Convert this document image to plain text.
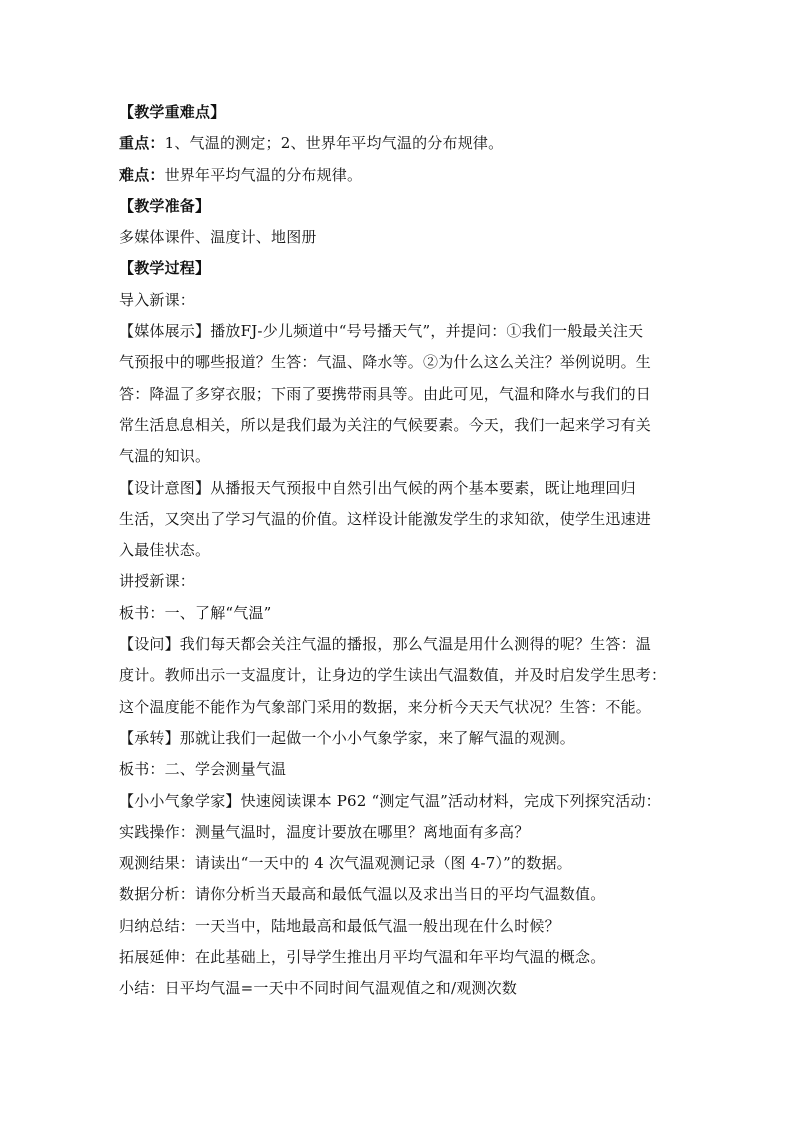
【教学重难点】
重点：1、气温的测定；2、世界年平均气温的分布规律。
难点：世界年平均气温的分布规律。
【教学准备】
多媒体课件、温度计、地图册
【教学过程】
导入新课：
【媒体展示】播放FJ-少儿频道中“号号播天气”，并提问：①我们一般最关注天
气预报中的哪些报道？生答：气温、降水等。②为什么这么关注？举例说明。生
答：降温了多穿衣服；下雨了要携带雨具等。由此可见，气温和降水与我们的日
常生活息息相关，所以是我们最为关注的气候要素。今天，我们一起来学习有关
气温的知识。
【设计意图】从播报天气预报中自然引出气候的两个基本要素，既让地理回归
生活，又突出了学习气温的价值。这样设计能激发学生的求知欲，使学生迅速进
入最佳状态。
讲授新课：
板书：一、了解“气温”
【设问】我们每天都会关注气温的播报，那么气温是用什么测得的呢？生答：温
度计。教师出示一支温度计，让身边的学生读出气温数值，并及时启发学生思考：
这个温度能不能作为气象部门采用的数据，来分析今天天气状况？生答：不能。
【承转】那就让我们一起做一个小小气象学家，来了解气温的观测。
板书：二、学会测量气温
【小小气象学家】快速阅读课本 P62 “测定气温”活动材料，完成下列探究活动：
实践操作：测量气温时，温度计要放在哪里？离地面有多高？
观测结果：请读出“一天中的 4 次气温观测记录（图 4-7）”的数据。
数据分析：请你分析当天最高和最低气温以及求出当日的平均气温数值。
归纳总结：一天当中，陆地最高和最低气温一般出现在什么时候？
拓展延伸：在此基础上，引导学生推出月平均气温和年平均气温的概念。
小结：日平均气温=一天中不同时间气温观值之和/观测次数
